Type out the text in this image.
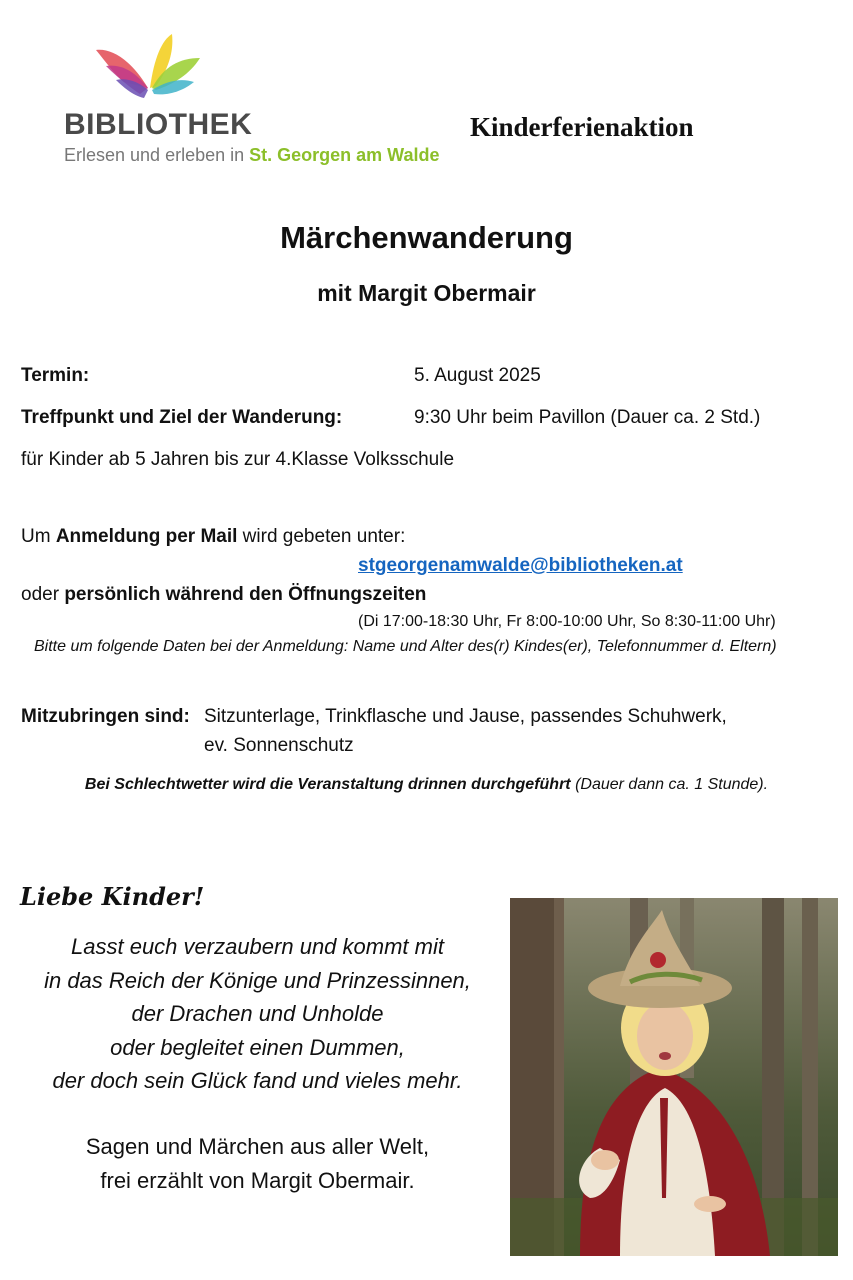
BIBLIOTHEK
Erlesen und erleben in St. Georgen am Walde
Kinderferienaktion
Märchenwanderung
mit Margit Obermair
Termin:	5. August 2025
Treffpunkt und Ziel der Wanderung:	9:30 Uhr beim Pavillon (Dauer ca. 2 Std.)
für Kinder ab 5 Jahren bis zur 4.Klasse Volksschule
Um Anmeldung per Mail wird gebeten unter:
stgeorgenamwalde@bibliotheken.at
oder persönlich während den Öffnungszeiten
(Di 17:00-18:30 Uhr, Fr 8:00-10:00 Uhr, So 8:30-11:00 Uhr)
Bitte um folgende Daten bei der Anmeldung: Name und Alter des(r) Kindes(er), Telefonnummer d. Eltern)
Mitzubringen sind: Sitzunterlage, Trinkflasche und Jause, passendes Schuhwerk,
ev. Sonnenschutz
Bei Schlechtwetter wird die Veranstaltung drinnen durchgeführt (Dauer dann ca. 1 Stunde).
Liebe Kinder!
Lasst euch verzaubern und kommt mit
in das Reich der Könige und Prinzessinnen,
der Drachen und Unholde
oder begleitet einen Dummen,
der doch sein Glück fand und vieles mehr.
Sagen und Märchen aus aller Welt,
frei erzählt von Margit Obermair.
